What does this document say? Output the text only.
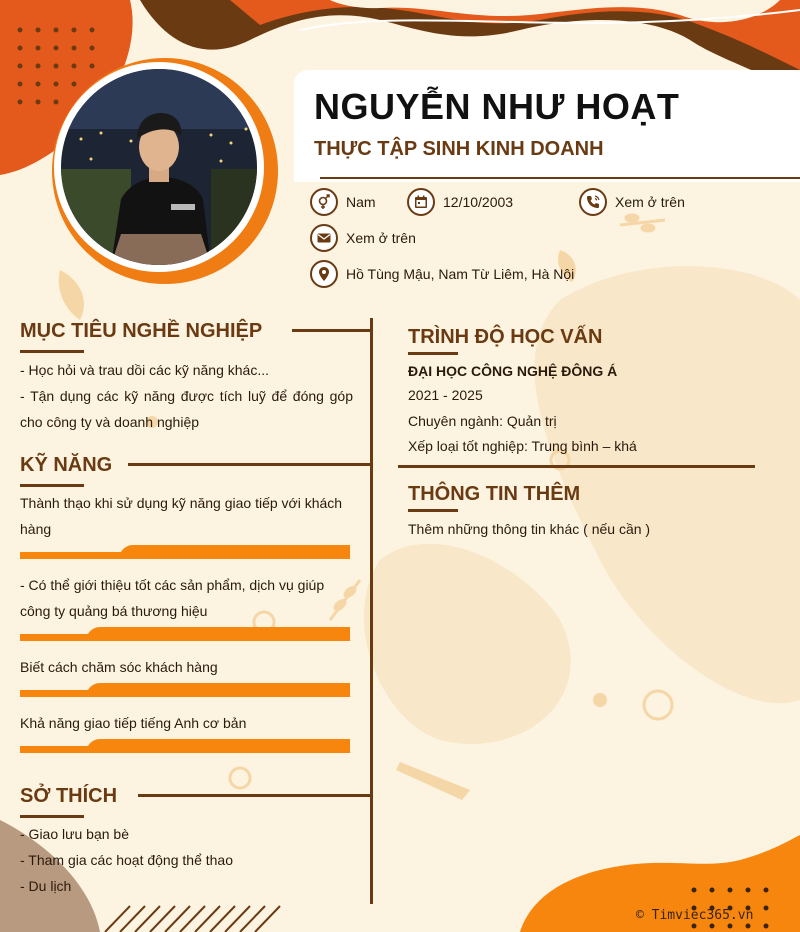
NGUYỄN NHƯ HOẠT
THỰC TẬP SINH KINH DOANH
Nam	12/10/2003	Xem ở trên
Xem ở trên
Hồ Tùng Mậu, Nam Từ Liêm, Hà Nội
MỤC TIÊU NGHỀ NGHIỆP
- Học hỏi và trau dồi các kỹ năng khác...
- Tận dụng các kỹ năng được tích luỹ để đóng góp cho công ty và doanh nghiệp
KỸ NĂNG
Thành thạo khi sử dụng kỹ năng giao tiếp với khách hàng
- Có thể giới thiệu tốt các sản phẩm, dịch vụ giúp công ty quảng bá thương hiệu
Biết cách chăm sóc khách hàng
Khả năng giao tiếp tiếng Anh cơ bản
SỞ THÍCH
- Giao lưu bạn bè
- Tham gia các hoạt động thể thao
- Du lịch
TRÌNH ĐỘ HỌC VẤN
ĐẠI HỌC CÔNG NGHỆ ĐÔNG Á
2021 - 2025
Chuyên ngành: Quản trị
Xếp loại tốt nghiệp: Trung bình – khá
THÔNG TIN THÊM
Thêm những thông tin khác ( nếu cần )
© Timviec365.vn
